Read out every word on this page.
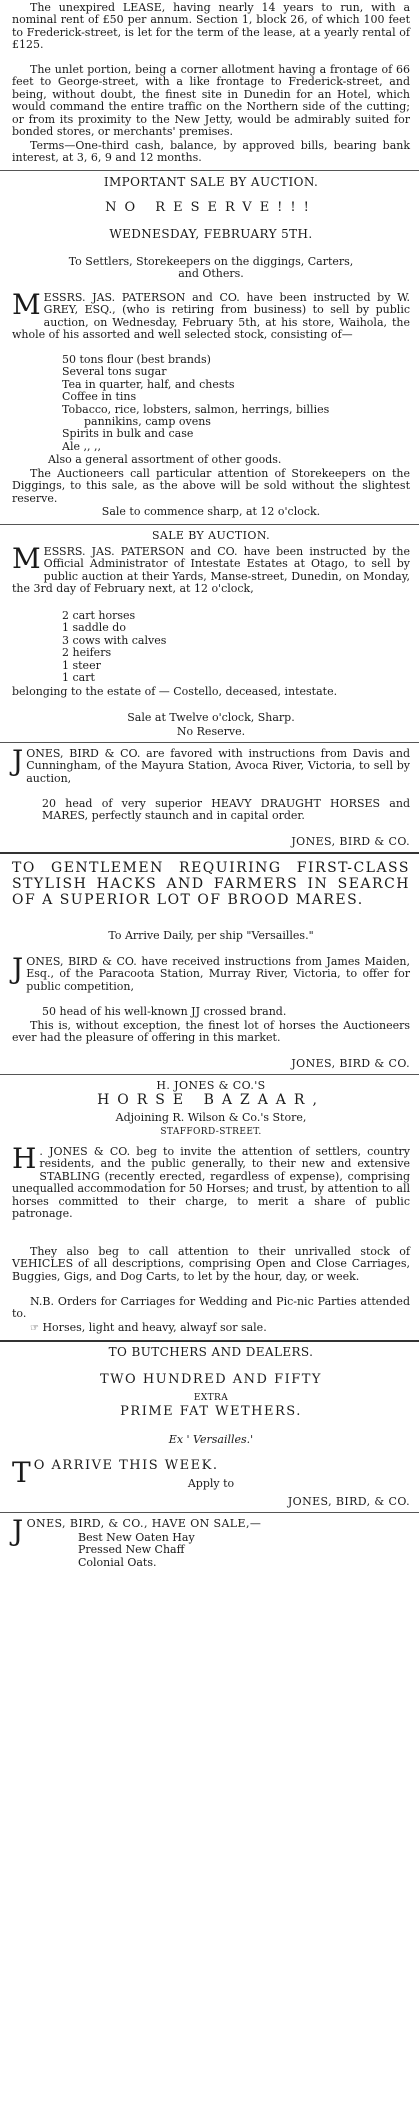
The unexpired LEASE, having nearly 14 years to run, with a nominal rent of £50 per annum. Section 1, block 26, of which 100 feet to Frederick-street, is let for the term of the lease, at a yearly rental of £125.
The unlet portion, being a corner allotment having a frontage of 66 feet to George-street, with a like frontage to Frederick-street, and being, without doubt, the finest site in Dunedin for an Hotel, which would command the entire traffic on the Northern side of the cutting; or from its proximity to the New Jetty, would be admirably suited for bonded stores, or merchants' premises.
Terms—One-third cash, balance, by approved bills, bearing bank interest, at 3, 6, 9 and 12 months.
IMPORTANT SALE BY AUCTION.
NO RESERVE!!!
WEDNESDAY, FEBRUARY 5TH.
To Settlers, Storekeepers on the diggings, Carters,
and Others.
MESSRS. JAS. PATERSON and CO. have been instructed by W. GREY, ESQ., (who is retiring from business) to sell by public auction, on Wednesday, February 5th, at his store, Waihola, the whole of his assorted and well selected stock, consisting of—
50 tons flour (best brands)
Several tons sugar
Tea in quarter, half, and chests
Coffee in tins
Tobacco, rice, lobsters, salmon, herrings, billies
pannikins, camp ovens
Spirits in bulk and case
Ale ,, ,,
Also a general assortment of other goods.
The Auctioneers call particular attention of Storekeepers on the Diggings, to this sale, as the above will be sold without the slightest reserve.
Sale to commence sharp, at 12 o'clock.
SALE BY AUCTION.
MESSRS. JAS. PATERSON and CO. have been instructed by the Official Administrator of Intestate Estates at Otago, to sell by public auction at their Yards, Manse-street, Dunedin, on Monday, the 3rd day of February next, at 12 o'clock,
2 cart horses
1 saddle do
3 cows with calves
2 heifers
1 steer
1 cart
belonging to the estate of — Costello, deceased, intestate.
Sale at Twelve o'clock, Sharp.
No Reserve.
JONES, BIRD & CO. are favored with instructions from Davis and Cunningham, of the Mayura Station, Avoca River, Victoria, to sell by auction,
20 head of very superior HEAVY DRAUGHT HORSES and MARES, perfectly staunch and in capital order.
JONES, BIRD & CO.
TO GENTLEMEN REQUIRING FIRST-CLASS STYLISH HACKS AND FARMERS IN SEARCH OF A SUPERIOR LOT OF BROOD MARES.
To Arrive Daily, per ship "Versailles."
JONES, BIRD & CO. have received instructions from James Maiden, Esq., of the Paracoota Station, Murray River, Victoria, to offer for public competition,
50 head of his well-known JJ crossed brand.
This is, without exception, the finest lot of horses the Auctioneers ever had the pleasure of offering in this market.
JONES, BIRD & CO.
H. JONES & CO.'S
HORSE BAZAAR,
Adjoining R. Wilson & Co.'s Store,
STAFFORD-STREET.
H . JONES & CO. beg to invite the attention of settlers, country residents, and the public generally, to their new and extensive STABLING (recently erected, regardless of expense), comprising unequalled accommodation for 50 Horses; and trust, by attention to all horses committed to their charge, to merit a share of public patronage.
They also beg to call attention to their unrivalled stock of VEHICLES of all descriptions, comprising Open and Close Carriages, Buggies, Gigs, and Dog Carts, to let by the hour, day, or week.
N.B. Orders for Carriages for Wedding and Pic-nic Parties attended to.
☞ Horses, light and heavy, alwayf sor sale.
TO BUTCHERS AND DEALERS.
TWO HUNDRED AND FIFTY
EXTRA
PRIME FAT WETHERS.
Ex ' Versailles.'
T O ARRIVE THIS WEEK.
Apply to
JONES, BIRD, & CO.
JONES, BIRD, & CO., HAVE ON SALE,—
Best New Oaten Hay
Pressed New Chaff
Colonial Oats.
